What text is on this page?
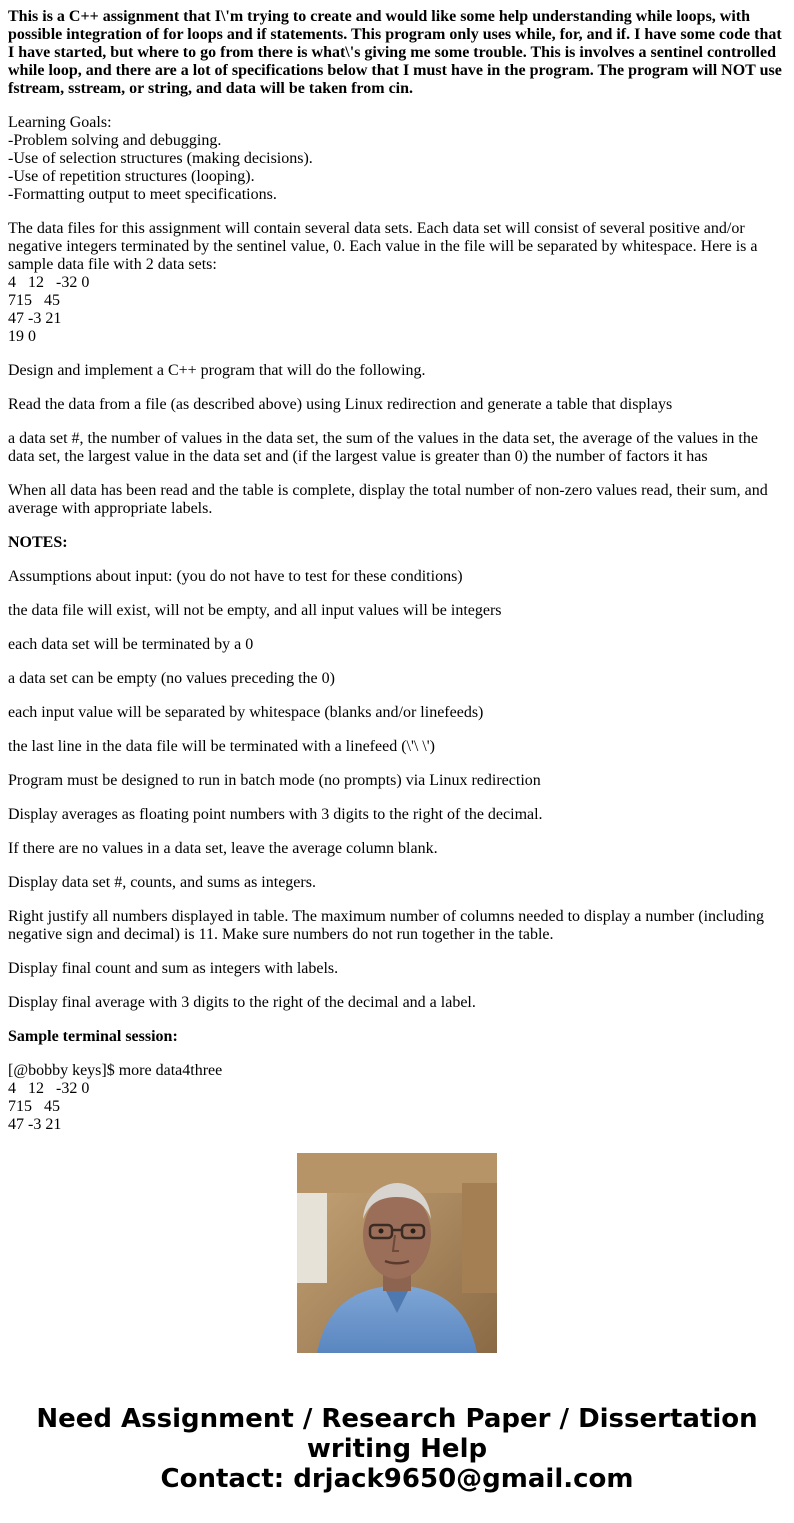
This is a C++ assignment that I\'m trying to create and would like some help understanding while loops, with possible integration of for loops and if statements. This program only uses while, for, and if. I have some code that I have started, but where to go from there is what\'s giving me some trouble. This is involves a sentinel controlled while loop, and there are a lot of specifications below that I must have in the program. The program will NOT use fstream, sstream, or string, and data will be taken from cin.

Learning Goals:
-Problem solving and debugging.
-Use of selection structures (making decisions).
-Use of repetition structures (looping).
-Formatting output to meet specifications.

The data files for this assignment will contain several data sets. Each data set will consist of several positive and/or negative integers terminated by the sentinel value, 0. Each value in the file will be separated by whitespace. Here is a sample data file with 2 data sets:
4   12   -32 0
715   45
47 -3 21
19 0

Design and implement a C++ program that will do the following.

Read the data from a file (as described above) using Linux redirection and generate a table that displays

a data set #, the number of values in the data set, the sum of the values in the data set, the average of the values in the data set, the largest value in the data set and (if the largest value is greater than 0) the number of factors it has

When all data has been read and the table is complete, display the total number of non-zero values read, their sum, and average with appropriate labels.

NOTES:

Assumptions about input: (you do not have to test for these conditions)

the data file will exist, will not be empty, and all input values will be integers

each data set will be terminated by a 0

a data set can be empty (no values preceding the 0)

each input value will be separated by whitespace (blanks and/or linefeeds)

the last line in the data file will be terminated with a linefeed (\'\ \')

Program must be designed to run in batch mode (no prompts) via Linux redirection

Display averages as floating point numbers with 3 digits to the right of the decimal.

If there are no values in a data set, leave the average column blank.

Display data set #, counts, and sums as integers.

Right justify all numbers displayed in table. The maximum number of columns needed to display a number (including negative sign and decimal) is 11. Make sure numbers do not run together in the table.

Display final count and sum as integers with labels.

Display final average with 3 digits to the right of the decimal and a label.

Sample terminal session:

[@bobby keys]$ more data4three
4   12   -32 0
715   45
47 -3 21

Need Assignment / Research Paper / Dissertation
writing Help
Contact: drjack9650@gmail.com
